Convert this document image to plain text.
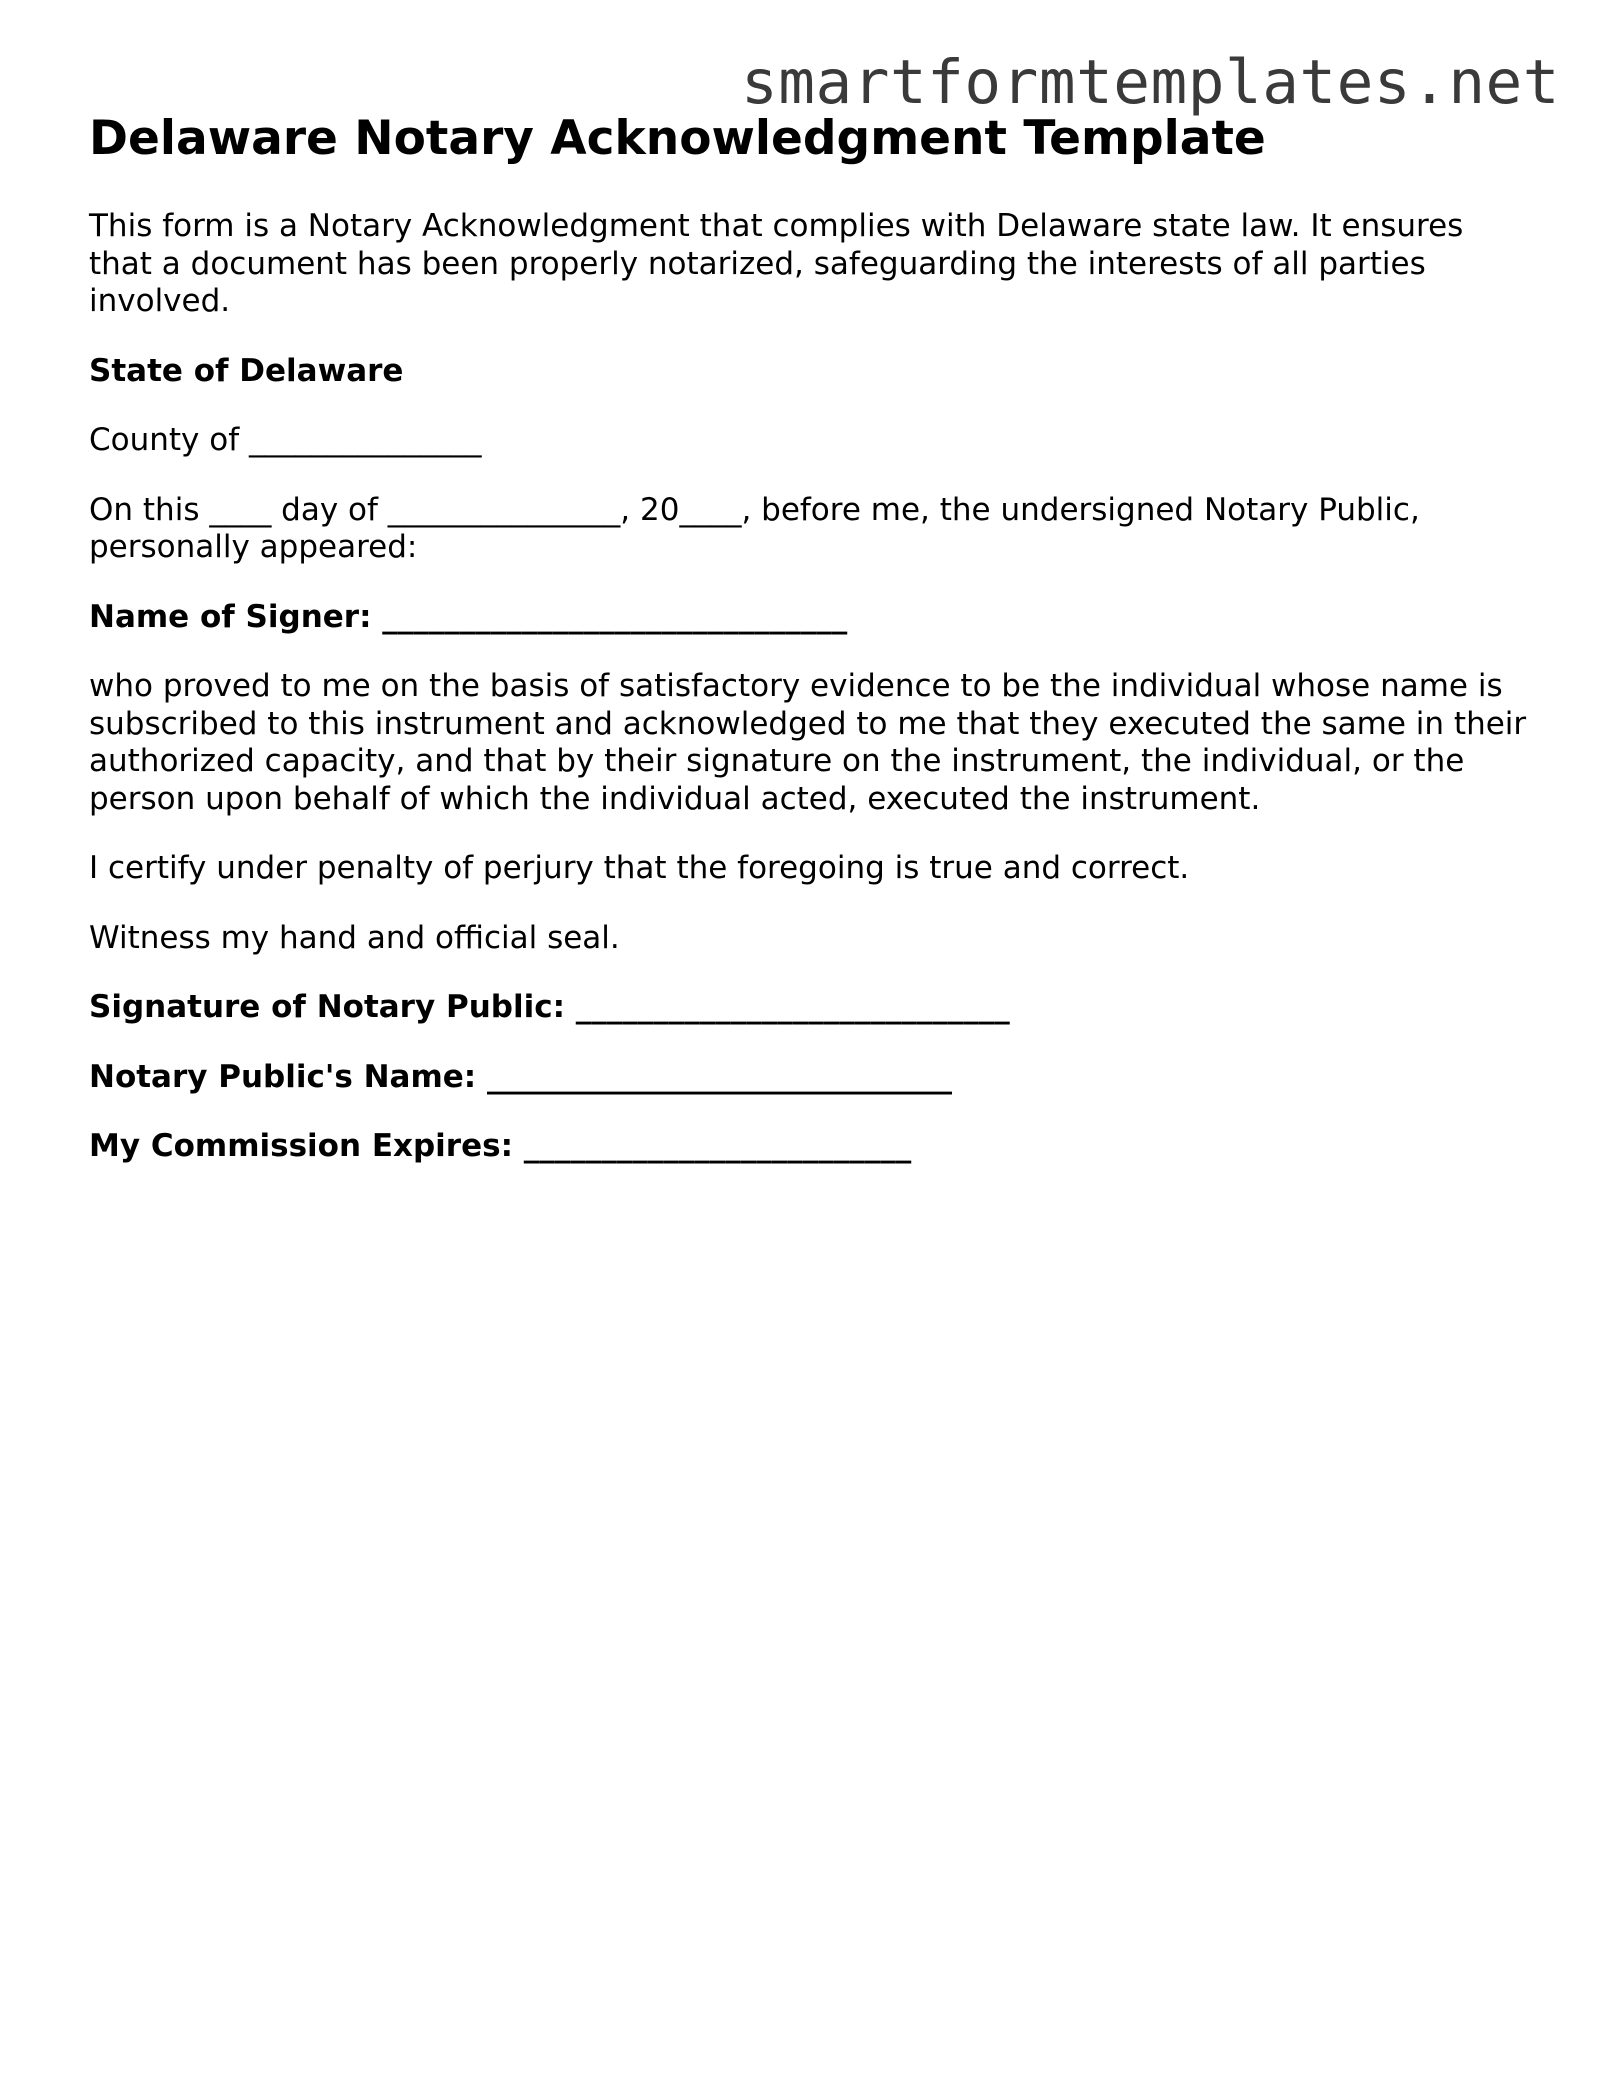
smartformtemplates.net
Delaware Notary Acknowledgment Template

This form is a Notary Acknowledgment that complies with Delaware state law. It ensures that a document has been properly notarized, safeguarding the interests of all parties involved.

State of Delaware

County of _______________

On this ____ day of _______________, 20____, before me, the undersigned Notary Public, personally appeared:

Name of Signer: ______________________________

who proved to me on the basis of satisfactory evidence to be the individual whose name is subscribed to this instrument and acknowledged to me that they executed the same in their authorized capacity, and that by their signature on the instrument, the individual, or the person upon behalf of which the individual acted, executed the instrument.

I certify under penalty of perjury that the foregoing is true and correct.

Witness my hand and official seal.

Signature of Notary Public: ____________________________

Notary Public's Name: ______________________________

My Commission Expires: _________________________
